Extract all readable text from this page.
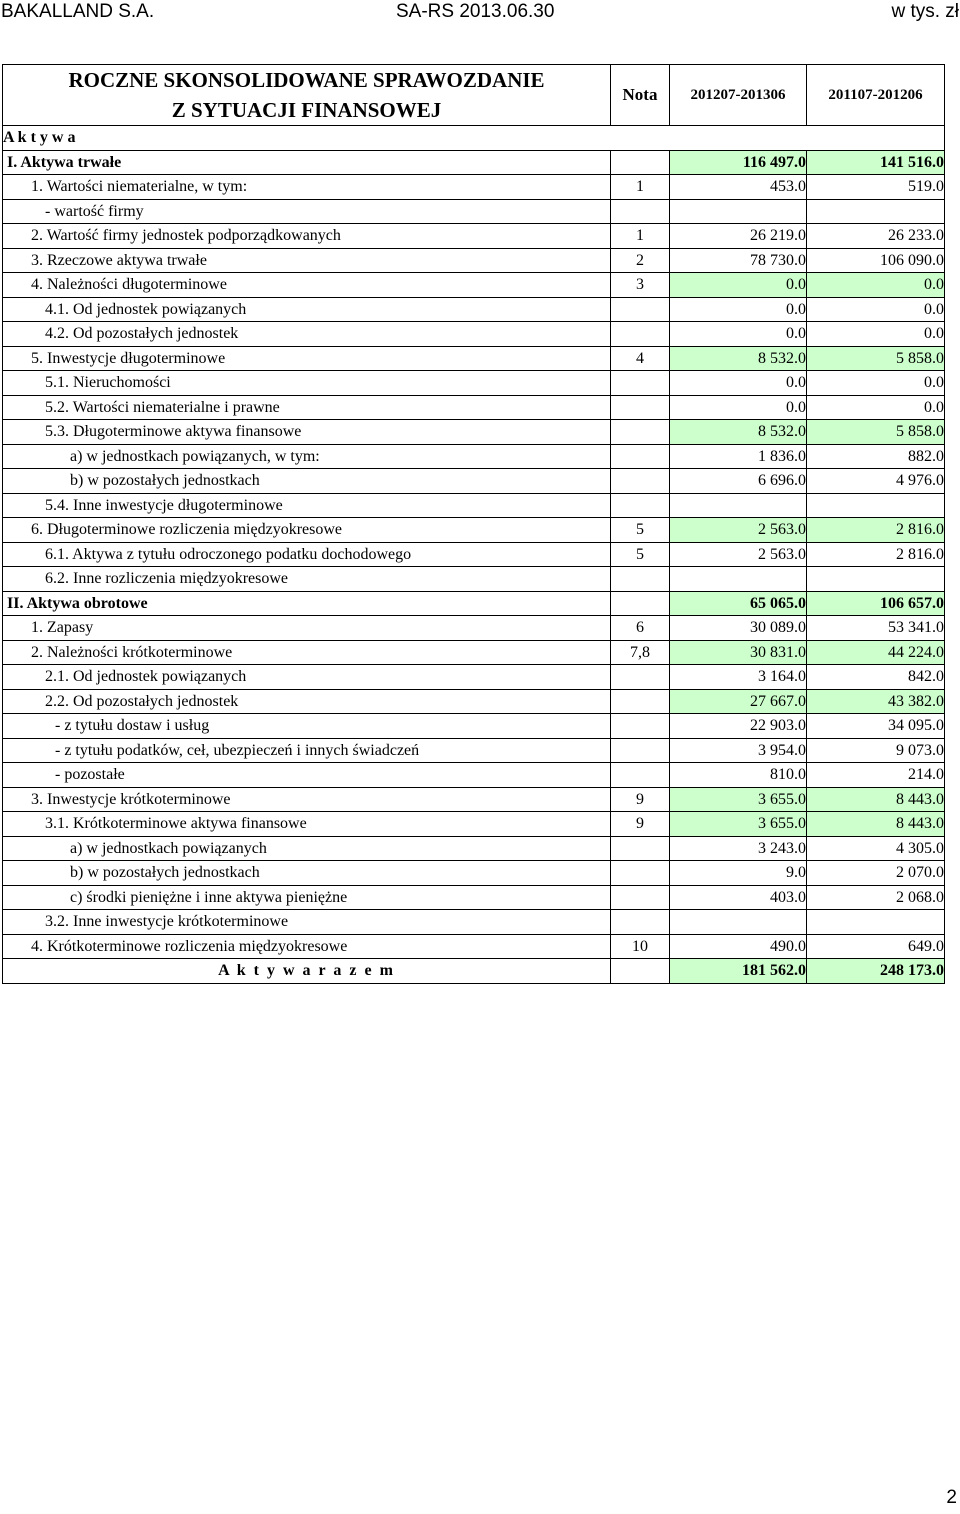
BAKALLAND S.A.	SA-RS 2013.06.30	w tys. zł
ROCZNE SKONSOLIDOWANE SPRAWOZDANIE
Z SYTUACJI FINANSOWEJ	Nota	201207-201306	201107-201206
A k t y w a			
I. Aktywa trwałe		116 497.0	141 516.0
1. Wartości niematerialne, w tym:	1	453.0	519.0
- wartość firmy			
2. Wartość firmy jednostek podporządkowanych	1	26 219.0	26 233.0
3. Rzeczowe aktywa trwałe	2	78 730.0	106 090.0
4. Należności długoterminowe	3	0.0	0.0
4.1. Od jednostek powiązanych		0.0	0.0
4.2. Od pozostałych jednostek		0.0	0.0
5. Inwestycje długoterminowe	4	8 532.0	5 858.0
5.1. Nieruchomości		0.0	0.0
5.2. Wartości niematerialne i prawne		0.0	0.0
5.3. Długoterminowe aktywa finansowe		8 532.0	5 858.0
a) w jednostkach powiązanych, w tym:		1 836.0	882.0
b) w pozostałych jednostkach		6 696.0	4 976.0
5.4. Inne inwestycje długoterminowe			
6. Długoterminowe rozliczenia międzyokresowe	5	2 563.0	2 816.0
6.1. Aktywa z tytułu odroczonego podatku dochodowego	5	2 563.0	2 816.0
6.2. Inne rozliczenia międzyokresowe			
II. Aktywa obrotowe		65 065.0	106 657.0
1. Zapasy	6	30 089.0	53 341.0
2. Należności krótkoterminowe	7,8	30 831.0	44 224.0
2.1. Od jednostek powiązanych		3 164.0	842.0
2.2. Od pozostałych jednostek		27 667.0	43 382.0
- z tytułu dostaw i usług		22 903.0	34 095.0
- z tytułu podatków, ceł, ubezpieczeń i innych świadczeń		3 954.0	9 073.0
- pozostałe		810.0	214.0
3. Inwestycje krótkoterminowe	9	3 655.0	8 443.0
3.1. Krótkoterminowe aktywa finansowe	9	3 655.0	8 443.0
a) w jednostkach powiązanych		3 243.0	4 305.0
b) w pozostałych jednostkach		9.0	2 070.0
c) środki pieniężne i inne aktywa pieniężne		403.0	2 068.0
3.2. Inne inwestycje krótkoterminowe			
4. Krótkoterminowe rozliczenia międzyokresowe	10	490.0	649.0
A k t y w a r a z e m		181 562.0	248 173.0
2
